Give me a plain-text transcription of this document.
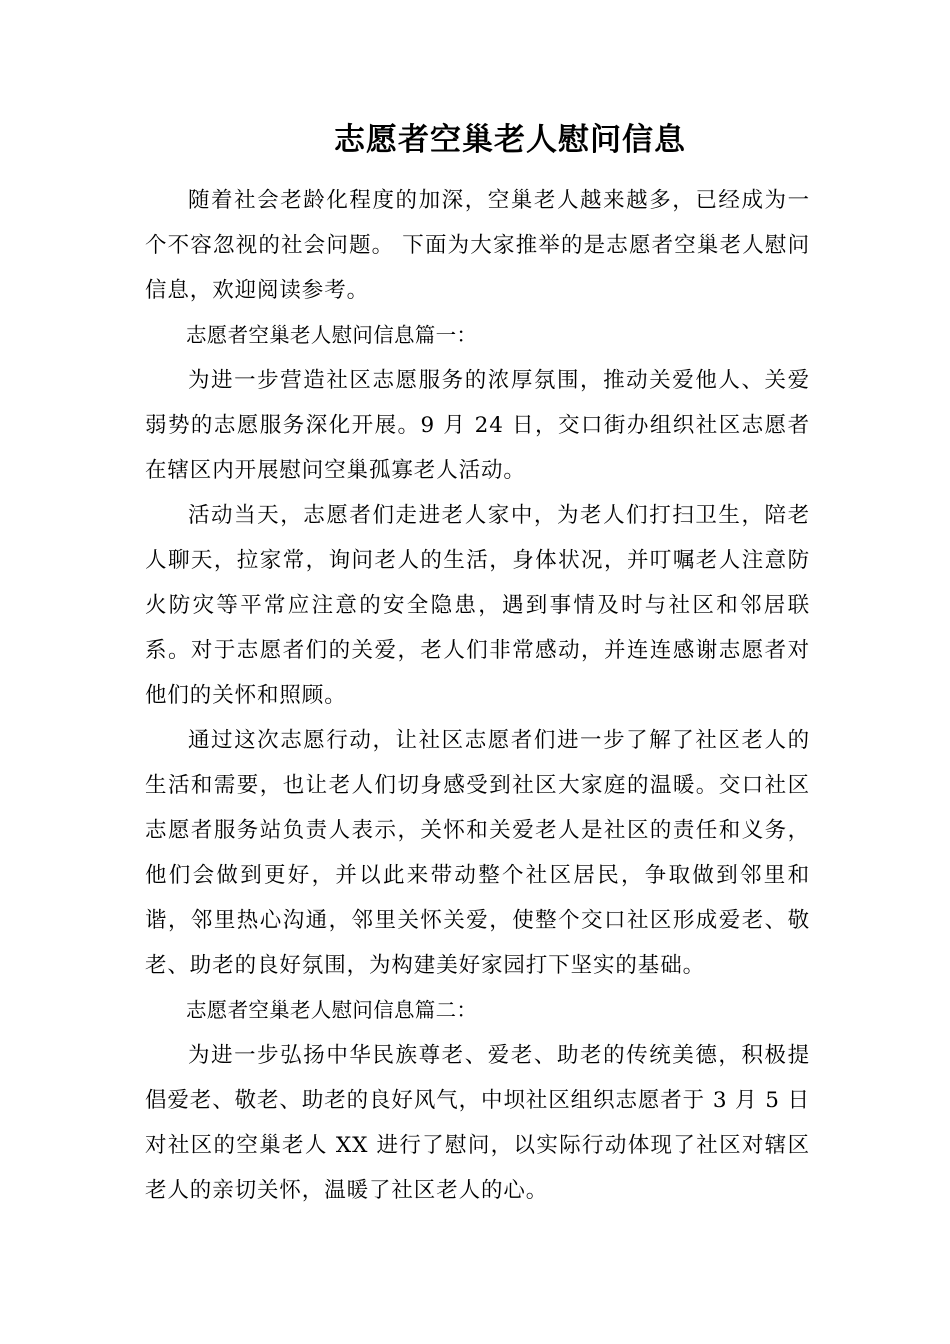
志愿者空巢老人慰问信息

随着社会老龄化程度的加深，空巢老人越来越多，已经成为一个不容忽视的社会问题。 下面为大家推举的是志愿者空巢老人慰问信息，欢迎阅读参考。

志愿者空巢老人慰问信息篇一：

为进一步营造社区志愿服务的浓厚氛围，推动关爱他人、关爱弱势的志愿服务深化开展。9 月 24 日，交口街办组织社区志愿者在辖区内开展慰问空巢孤寡老人活动。

活动当天，志愿者们走进老人家中，为老人们打扫卫生，陪老人聊天，拉家常，询问老人的生活，身体状况，并叮嘱老人注意防火防灾等平常应注意的安全隐患，遇到事情及时与社区和邻居联系。对于志愿者们的关爱，老人们非常感动，并连连感谢志愿者对他们的关怀和照顾。

通过这次志愿行动，让社区志愿者们进一步了解了社区老人的生活和需要，也让老人们切身感受到社区大家庭的温暖。交口社区志愿者服务站负责人表示，关怀和关爱老人是社区的责任和义务，他们会做到更好，并以此来带动整个社区居民，争取做到邻里和谐，邻里热心沟通，邻里关怀关爱，使整个交口社区形成爱老、敬老、助老的良好氛围，为构建美好家园打下坚实的基础。

志愿者空巢老人慰问信息篇二：

为进一步弘扬中华民族尊老、爱老、助老的传统美德，积极提倡爱老、敬老、助老的良好风气，中坝社区组织志愿者于 3 月 5 日对社区的空巢老人 XX 进行了慰问，以实际行动体现了社区对辖区老人的亲切关怀，温暖了社区老人的心。
